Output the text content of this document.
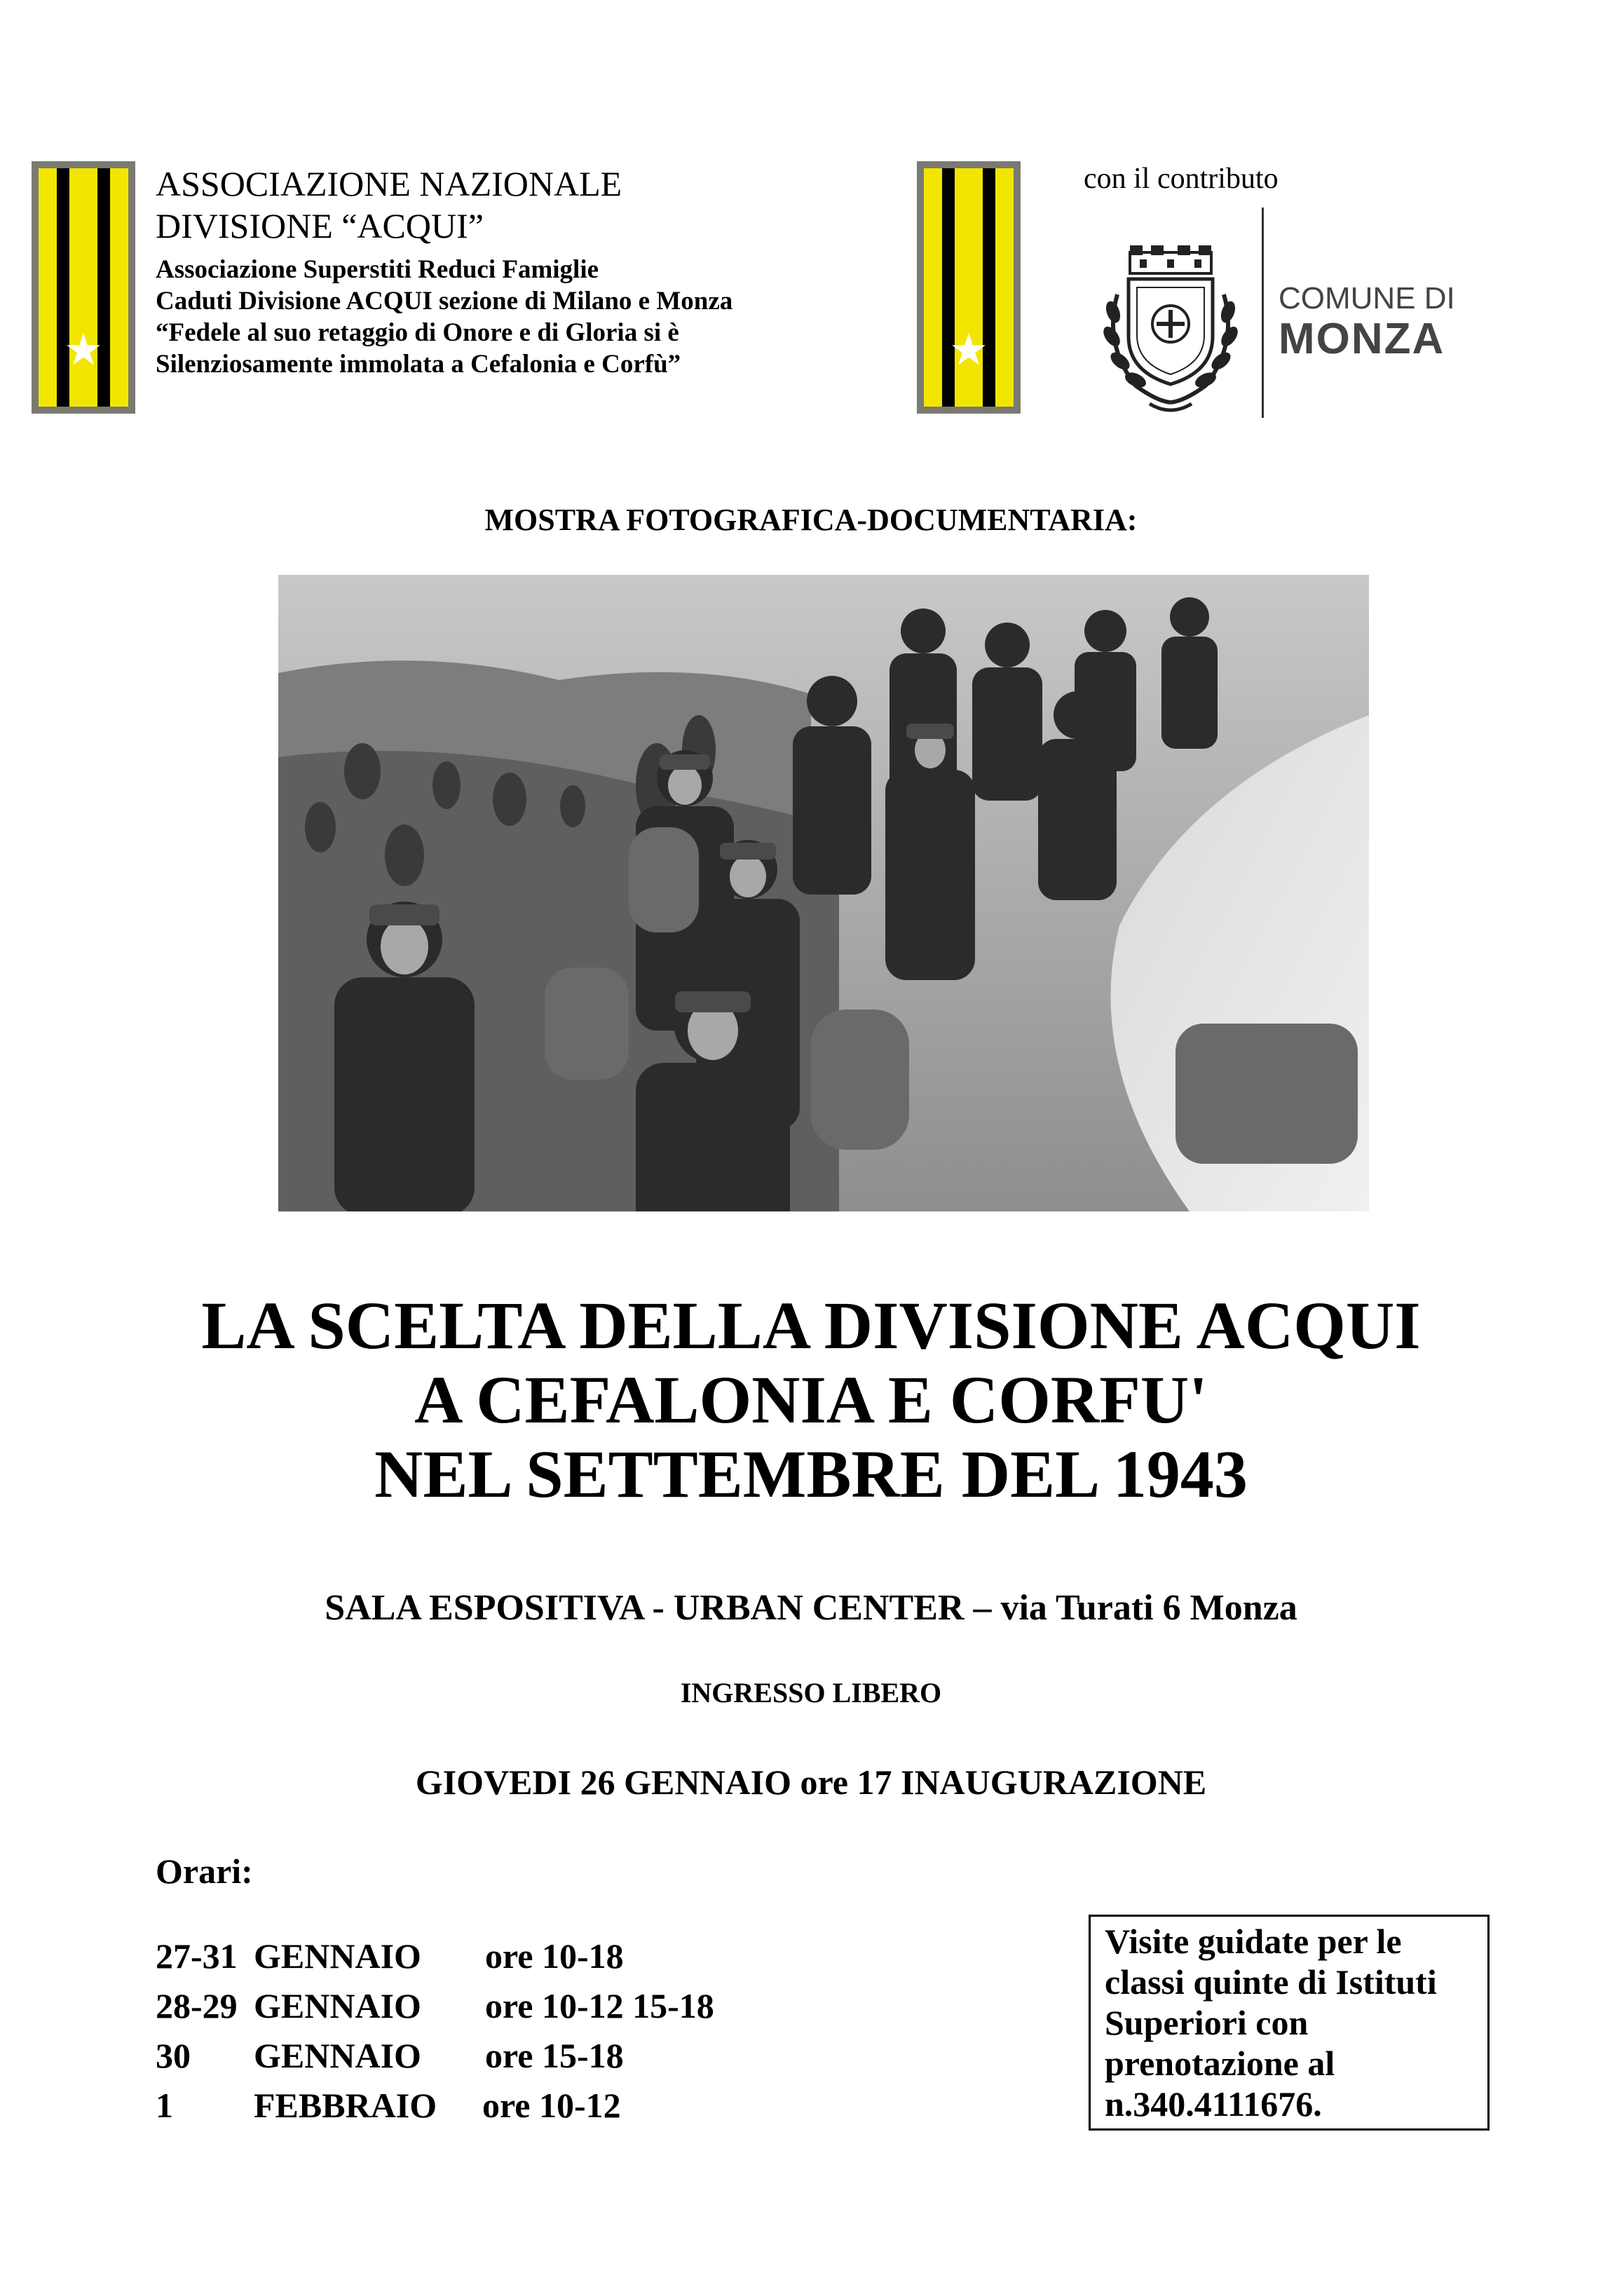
★
ASSOCIAZIONE NAZIONALE
DIVISIONE “ACQUI”
Associazione Superstiti Reduci Famiglie
Caduti Divisione ACQUI sezione di Milano e Monza
“Fedele al suo retaggio di Onore e di Gloria si è
Silenziosamente immolata a Cefalonia e Corfù”	★
con il contributo
COMUNE DI
MONZA
MOSTRA FOTOGRAFICA-DOCUMENTARIA:
LA SCELTA DELLA DIVISIONE ACQUI
A CEFALONIA E CORFU'
NEL SETTEMBRE DEL 1943
SALA ESPOSITIVA - URBAN CENTER – via Turati 6 Monza
INGRESSO LIBERO
GIOVEDI 26 GENNAIO ore 17 INAUGURAZIONE
Orari:
27-31 GENNAIO ore 10-18
28-29 GENNAIO ore 10-12 15-18
30 GENNAIO ore 15-18
1 FEBBRAIO ore 10-12
Visite guidate per le
classi quinte di Istituti
Superiori con
prenotazione al
n.340.4111676.
